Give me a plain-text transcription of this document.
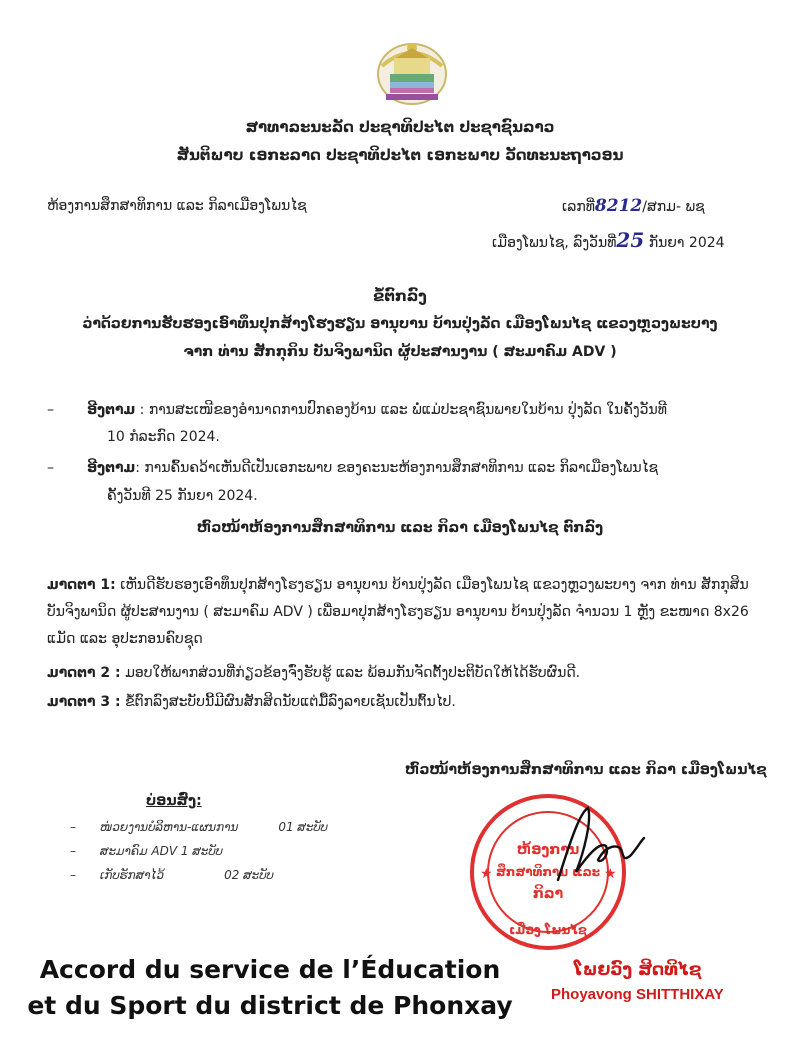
ສາທາລະນະລັດ ປະຊາທິປະໄຕ ປະຊາຊົນລາວ
ສັນຕິພາບ ເອກະລາດ ປະຊາທິປະໄຕ ເອກະພາບ ວັດທະນະຖາວອນ
ຫ້ອງການສຶກສາທິການ ແລະ ກິລາເມືອງໂພນໄຊ	ເລກທີ່8212/ສກມ- ພຊ
ເມືອງໂພນໄຊ, ລົງວັນທີ່25 ກັນຍາ 2024
ຂໍ້ຕົກລົງ
ວ່າດ້ວຍການຮັບຮອງເອົາທຶນປຸກສ້າງໂຮງຮຽນ ອານຸບານ ບ້ານປຸ່ງລັດ ເມືອງໂພນໄຊ ແຂວງຫຼວງພະບາງ
ຈາກ ທ່ານ ສັກກຸກິນ ບັນຈິງພານິດ ຜູ້ປະສານງານ ( ສະມາຄົມ ADV )
– ອີງຕາມ : ການສະເໜີຂອງອໍານາດການປົກຄອງບ້ານ ແລະ ພໍ່ແມ່ປະຊາຊົນພາຍໃນບ້ານ ປຸ່ງລັດ ໃນຄັ້ງວັນທີ
10 ກໍລະກົດ 2024.
– ອີງຕາມ: ການຄົ້ນຄວ້າເຫັນດີເປັນເອກະພາບ ຂອງຄະນະຫ້ອງການສຶກສາທິການ ແລະ ກິລາເມືອງໂພນໄຊ
ຄັ້ງວັນທີ 25 ກັນຍາ 2024.
ຫົວໜ້າຫ້ອງການສຶກສາທິການ ແລະ ກິລາ ເມືອງໂພນໄຊ ຕົກລົງ
ມາດຕາ 1: ເຫັນດີຮັບຮອງເອົາທຶນປຸກສ້າງໂຮງຮຽນ ອານຸບານ ບ້ານປຸ່ງລັດ ເມືອງໂພນໄຊ ແຂວງຫຼວງພະບາງ ຈາກ ທ່ານ ສັກກຸສິນ
ບັນຈິງພານິດ ຜູ້ປະສານງານ ( ສະມາຄົມ ADV ) ເພື່ອມາປຸກສ້າງໂຮງຮຽນ ອານຸບານ ບ້ານປຸ່ງລັດ ຈໍານວນ 1 ຫຼັງ ຂະໜາດ 8x26
ແມັດ ແລະ ອຸປະກອນຄົບຊຸດ
ມາດຕາ 2 : ມອບໃຫ້ພາກສ່ວນທີ່ກ່ຽວຂ້ອງຈົ່ງຮັບຮູ້ ແລະ ພ້ອມກັນຈັດຕັ້ງປະຕິບັດໃຫ້ໄດ້ຮັບຜົນດີ.
ມາດຕາ 3 : ຂໍ້ຕົກລົງສະບັບນີ້ມີຜົນສັກສິດນັບແຕ່ມື້ລົງລາຍເຊັນເປັນຕົ້ນໄປ.
ຫົວໜ້າຫ້ອງການສຶກສາທິການ ແລະ ກິລາ ເມືອງໂພນໄຊ
ບ່ອນສົ່ງ:
– ໜ່ວຍງານບໍລິຫານ-ແຜນການ	01 ສະບັບ
– ສະມາຄົມ ADV 1 ສະບັບ
– ເກັບຮັກສາໄວ້	02 ສະບັບ	★	★
ຫ້ອງການ
ສຶກສາທິການ ແລະ
ກິລາ
ເມືອງ ໂພນໄຊ
ໂພຍວົງ ສິດທິໄຊ
Phoyavong SHITTHIXAY
Accord du service de l’Éducation
et du Sport du district de Phonxay
